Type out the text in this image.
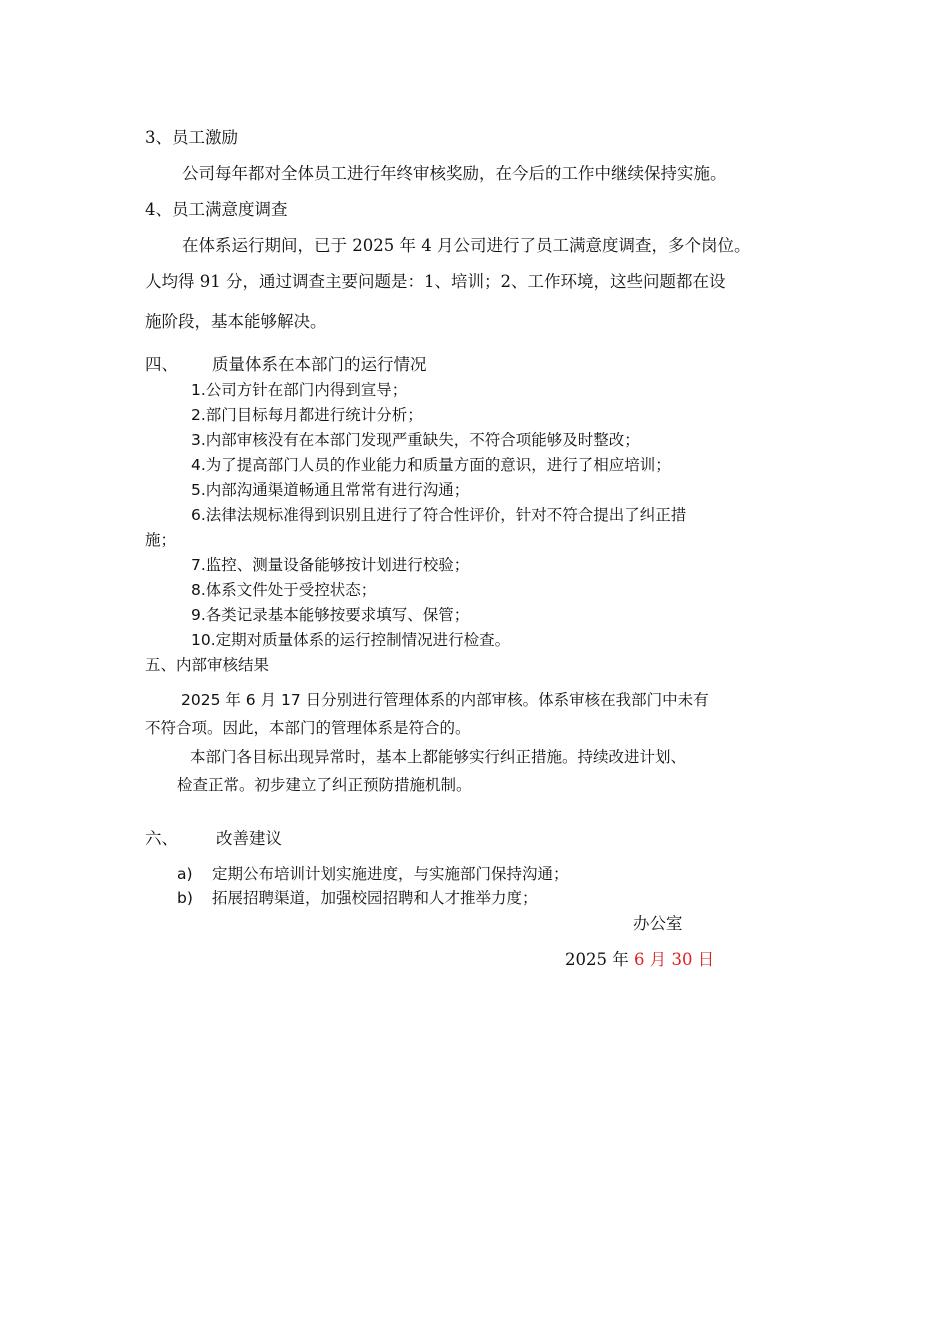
3、员工激励
公司每年都对全体员工进行年终审核奖励，在今后的工作中继续保持实施。
4、员工满意度调查
在体系运行期间，已于 2025 年 4 月公司进行了员工满意度调查，多个岗位。
人均得 91 分，通过调查主要问题是：1、培训；2、工作环境，这些问题都在设
施阶段，基本能够解决。
四、 质量体系在本部门的运行情况
1.公司方针在部门内得到宣导；
2.部门目标每月都进行统计分析；
3.内部审核没有在本部门发现严重缺失，不符合项能够及时整改；
4.为了提高部门人员的作业能力和质量方面的意识，进行了相应培训；
5.内部沟通渠道畅通且常常有进行沟通；
6.法律法规标准得到识别且进行了符合性评价，针对不符合提出了纠正措
施；
7.监控、测量设备能够按计划进行校验；
8.体系文件处于受控状态；
9.各类记录基本能够按要求填写、保管；
10.定期对质量体系的运行控制情况进行检查。
五、内部审核结果
2025 年 6 月 17 日分别进行管理体系的内部审核。体系审核在我部门中未有
不符合项。因此，本部门的管理体系是符合的。
本部门各目标出现异常时，基本上都能够实行纠正措施。持续改进计划、
检查正常。初步建立了纠正预防措施机制。
六、 改善建议
a) 定期公布培训计划实施进度，与实施部门保持沟通；
b) 拓展招聘渠道，加强校园招聘和人才推举力度；
办公室
2025 年 6 月 30 日
